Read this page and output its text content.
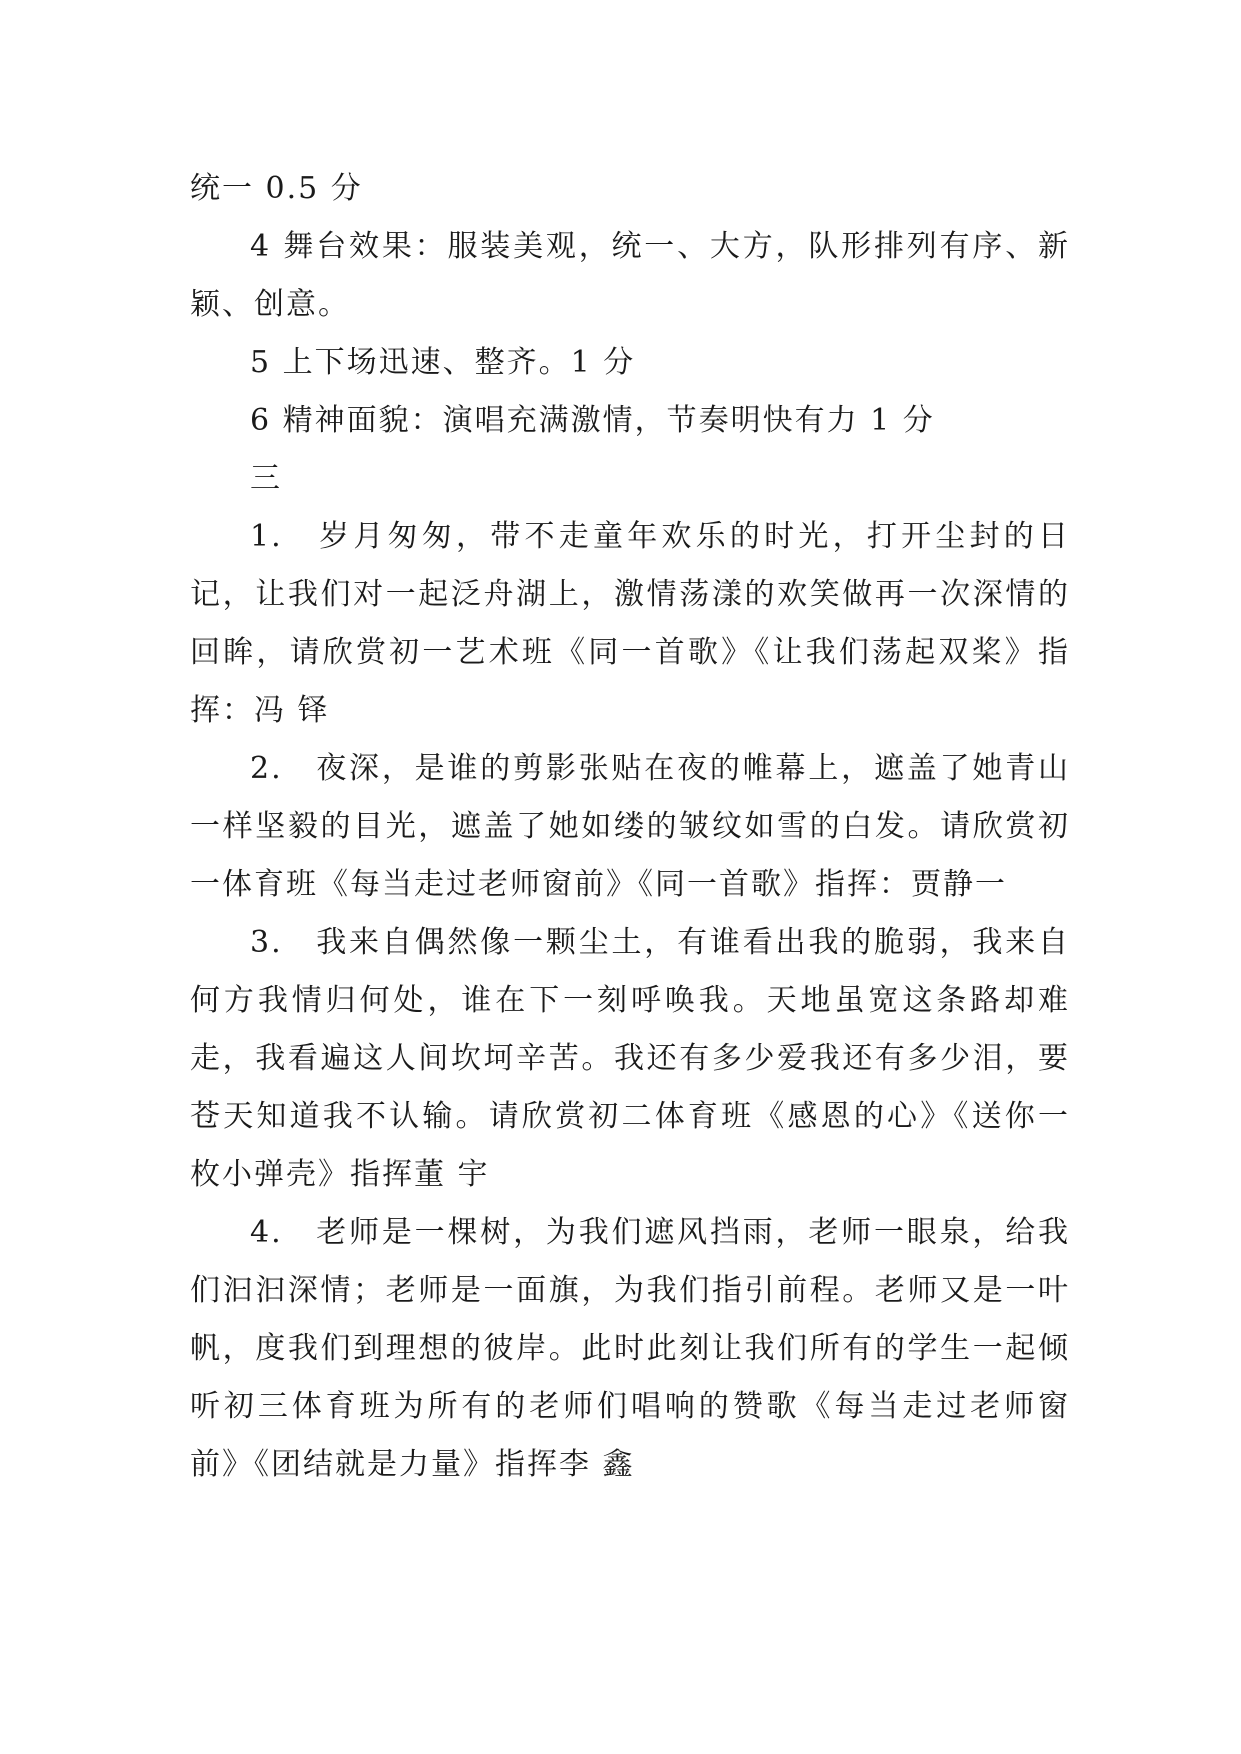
统一 0.5 分

4 舞台效果：服装美观，统一、大方，队形排列有序、新颖、创意。

5 上下场迅速、整齐。1 分

6 精神面貌：演唱充满激情，节奏明快有力 1 分

三

1.　岁月匆匆，带不走童年欢乐的时光，打开尘封的日记，让我们对一起泛舟湖上，激情荡漾的欢笑做再一次深情的回眸，请欣赏初一艺术班《同一首歌》《让我们荡起双桨》指挥：冯 铎

2.　夜深，是谁的剪影张贴在夜的帷幕上，遮盖了她青山一样坚毅的目光，遮盖了她如缕的皱纹如雪的白发。请欣赏初一体育班《每当走过老师窗前》《同一首歌》指挥：贾静一

3.　我来自偶然像一颗尘土，有谁看出我的脆弱，我来自何方我情归何处，谁在下一刻呼唤我。天地虽宽这条路却难走，我看遍这人间坎坷辛苦。我还有多少爱我还有多少泪，要苍天知道我不认输。请欣赏初二体育班《感恩的心》《送你一枚小弹壳》指挥董 宇

4.　老师是一棵树，为我们遮风挡雨，老师一眼泉，给我们汩汩深情；老师是一面旗，为我们指引前程。老师又是一叶帆，度我们到理想的彼岸。此时此刻让我们所有的学生一起倾听初三体育班为所有的老师们唱响的赞歌《每当走过老师窗前》《团结就是力量》指挥李 鑫
